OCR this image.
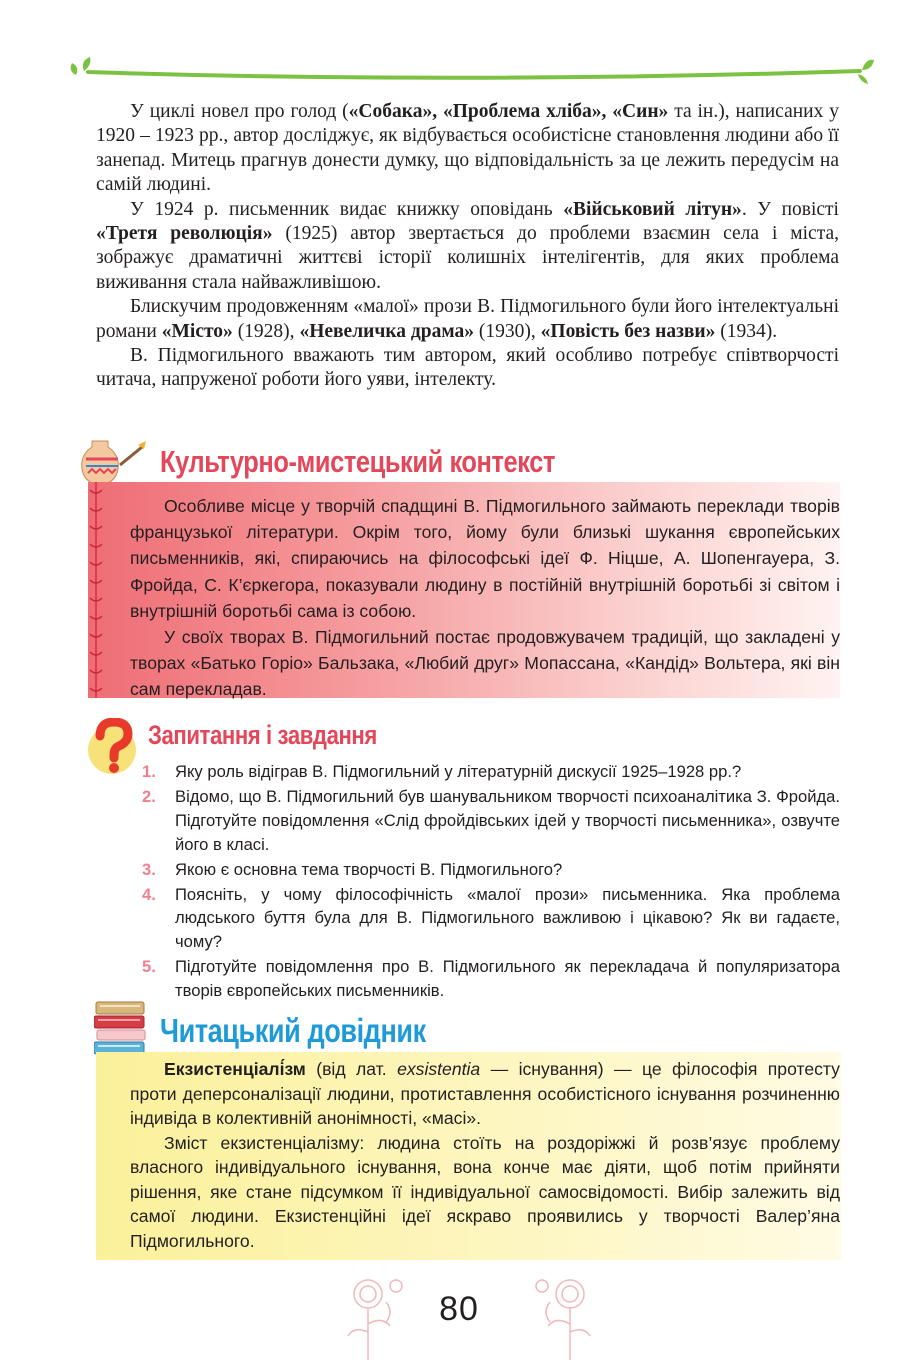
У циклі новел про голод («Собака», «Проблема хліба», «Син» та ін.), написаних у 1920 – 1923 рр., автор досліджує, як відбувається особистісне становлення людини або її занепад. Митець прагнув донести думку, що відповідальність за це лежить передусім на самій людині.

У 1924 р. письменник видає книжку оповідань «Військовий літун». У повісті «Третя революція» (1925) автор звертається до проблеми взаємин села і міста, зображує драматичні життєві історії колишніх інтелігентів, для яких проблема виживання стала найважливішою.

Блискучим продовженням «малої» прози В. Підмогильного були його інтелектуальні романи «Місто» (1928), «Невеличка драма» (1930), «Повість без назви» (1934).

В. Підмогильного вважають тим автором, який особливо потребує співтворчості читача, напруженої роботи його уяви, інтелекту.

Культурно-мистецький контекст

Особливе місце у творчій спадщині В. Підмогильного займають переклади творів французької літератури. Окрім того, йому були близькі шукання європейських письменників, які, спираючись на філософські ідеї Ф. Ніцше, А. Шопенгауера, З. Фройда, С. К’єркегора, показували людину в постійній внутрішній боротьбі зі світом і внутрішній боротьбі сама із собою.

У своїх творах В. Підмогильний постає продовжувачем традицій, що закладені у творах «Батько Горіо» Бальзака, «Любий друг» Мопассана, «Кандід» Вольтера, які він сам перекладав.

Запитання і завдання
1.	Яку роль відіграв В. Підмогильний у літературній дискусії 1925–1928 рр.?
2.	Відомо, що В. Підмогильний був шанувальником творчості психоаналітика З. Фройда. Підготуйте повідомлення «Слід фройдівських ідей у творчості письменника», озвучте його в класі.
3.	Якою є основна тема творчості В. Підмогильного?
4.	Поясніть, у чому філософічність «малої прози» письменника. Яка проблема людського буття була для В. Підмогильного важливою і цікавою? Як ви гадаєте, чому?
5.	Підготуйте повідомлення про В. Підмогильного як перекладача й популяризатора творів європейських письменників.
Читацький довідник

Екзистенціалі́зм (від лат. exsistentia — існування) — це філософія протесту проти деперсоналізації людини, протиставлення особистісного існування розчиненню індивіда в колективній анонімності, «масі».

Зміст екзистенціалізму: людина стоїть на роздоріжжі й розв’язує проблему власного індивідуального існування, вона конче має діяти, щоб потім прийняти рішення, яке стане підсумком її індивідуальної самосвідомості. Вибір залежить від самої людини. Екзистенційні ідеї яскраво проявились у творчості Валер’яна Підмогильного.

80
